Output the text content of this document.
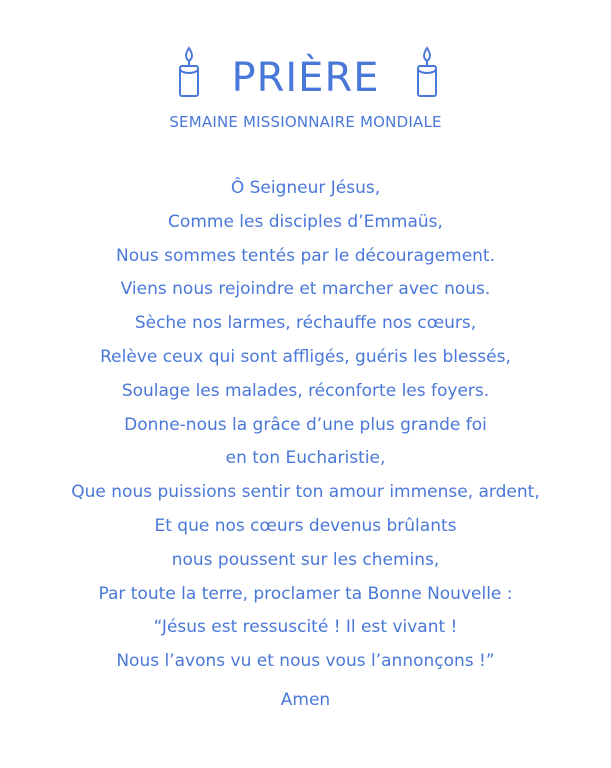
PRIÈRE
SEMAINE MISSIONNAIRE MONDIALE
Ô Seigneur Jésus,
Comme les disciples d’Emmaüs,
Nous sommes tentés par le découragement.
Viens nous rejoindre et marcher avec nous.
Sèche nos larmes, réchauffe nos cœurs,
Relève ceux qui sont affligés, guéris les blessés,
Soulage les malades, réconforte les foyers.
Donne-nous la grâce d’une plus grande foi
en ton Eucharistie,
Que nous puissions sentir ton amour immense, ardent,
Et que nos cœurs devenus brûlants
nous poussent sur les chemins,
Par toute la terre, proclamer ta Bonne Nouvelle :
“Jésus est ressuscité ! Il est vivant !
Nous l’avons vu et nous vous l’annonçons !”
Amen
